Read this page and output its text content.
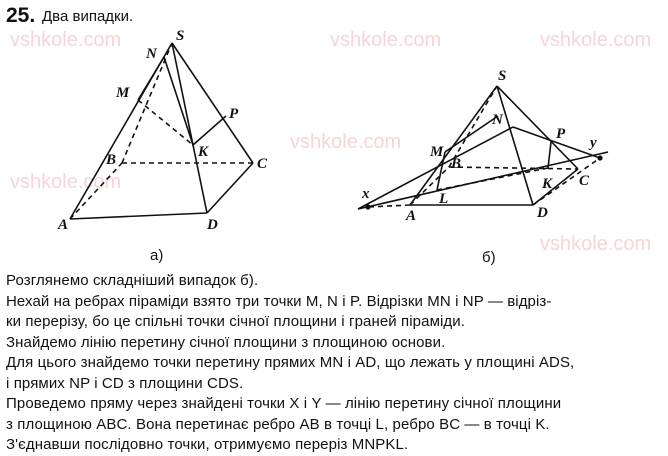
25. Два випадки.
vshkole.com	vshkole.com	vshkole.com
vshkole.com
vshkole.com
vshkole.com
S
N
M
P
K
B	C
A	D
а)
S
N
P
y
M
B
C
K
x	L
A	D
б)
Розглянемо складніший випадок б).
Нехай на ребрах піраміди взято три точки M, N і P. Відрізки MN і NP — відріз-
ки перерізу, бо це спільні точки січної площини і граней піраміди.
Знайдемо лінію перетину січної площини з площиною основи.
Для цього знайдемо точки перетину прямих MN і AD, що лежать у площині ADS,
і прямих NP і CD з площини CDS.
Проведемо пряму через знайдені точки X і Y — лінію перетину січної площини
з площиною ABC. Вона перетинає ребро AB в точці L, ребро BC — в точці K.
З'єднавши послідовно точки, отримуємо переріз MNPKL.
